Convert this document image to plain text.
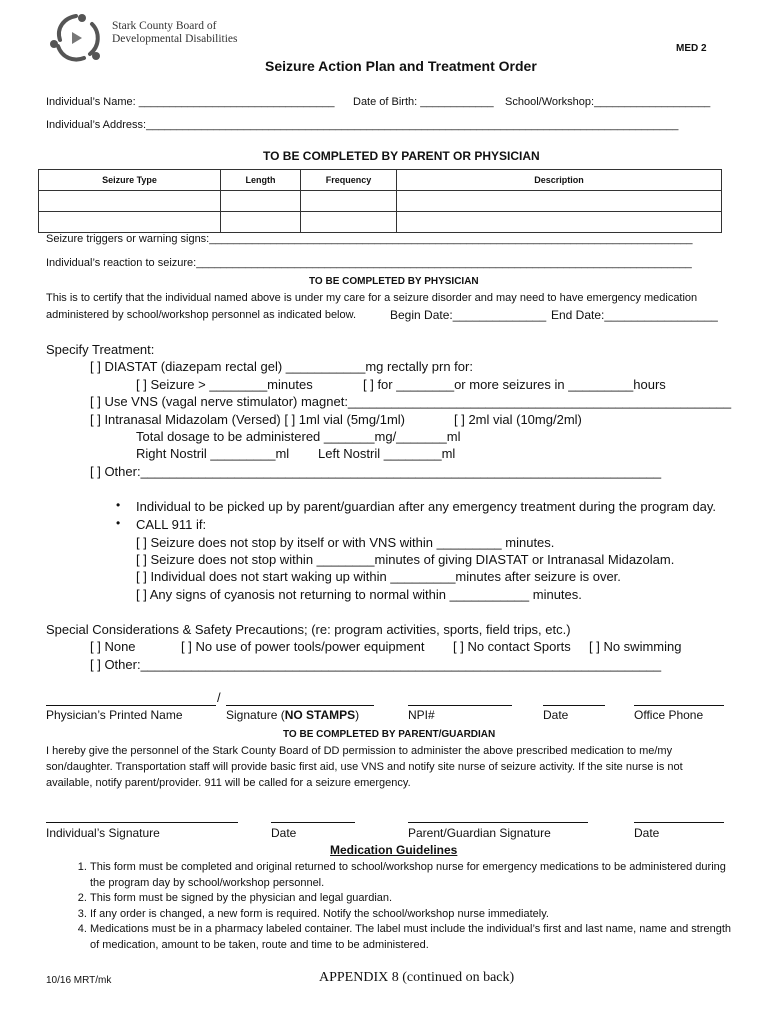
Stark County Board of
Developmental Disabilities
MED 2
Seizure Action Plan and Treatment Order
Individual’s Name: ________________________________ Date of Birth: ____________ School/Workshop:___________________
Individual’s Address:_______________________________________________________________________________________
TO BE COMPLETED BY PARENT OR PHYSICIAN
Seizure Type	Length	Frequency	Description

Seizure triggers or warning signs:_______________________________________________________________________________
Individual’s reaction to seizure:_________________________________________________________________________________
TO BE COMPLETED BY PHYSICIAN
This is to certify that the individual named above is under my care for a seizure disorder and may need to have emergency medication
administered by school/workshop personnel as indicated below.	Begin Date:______________ End Date:_________________
Specify Treatment:
[ ] DIASTAT (diazepam rectal gel) ___________mg rectally prn for:
[ ] Seizure > ________minutes	[ ] for ________or more seizures in _________hours
[ ] Use VNS (vagal nerve stimulator) magnet:_____________________________________________________
[ ] Intranasal Midazolam (Versed) [ ] 1ml vial (5mg/1ml)	[ ] 2ml vial (10mg/2ml)
Total dosage to be administered _______mg/_______ml
Right Nostril _________ml Left Nostril ________ml
[ ] Other:________________________________________________________________________
• Individual to be picked up by parent/guardian after any emergency treatment during the program day.
• CALL 911 if:
[ ] Seizure does not stop by itself or with VNS within _________ minutes.
[ ] Seizure does not stop within ________minutes of giving DIASTAT or Intranasal Midazolam.
[ ] Individual does not start waking up within _________minutes after seizure is over.
[ ] Any signs of cyanosis not returning to normal within ___________ minutes.
Special Considerations & Safety Precautions; (re: program activities, sports, field trips, etc.)
[ ] None	[ ] No use of power tools/power equipment [ ] No contact Sports [ ] No swimming
[ ] Other:________________________________________________________________________
/
Physician’s Printed Name	Signature (NO STAMPS)	NPI#	Date	Office Phone
TO BE COMPLETED BY PARENT/GUARDIAN
I hereby give the personnel of the Stark County Board of DD permission to administer the above prescribed medication to me/my
son/daughter. Transportation staff will provide basic first aid, use VNS and notify site nurse of seizure activity. If the site nurse is not
available, notify parent/provider. 911 will be called for a seizure emergency.
Individual’s Signature	Date	Parent/Guardian Signature	Date
Medication Guidelines
1. This form must be completed and original returned to school/workshop nurse for emergency medications to be administered during the program day by school/workshop personnel.
2. This form must be signed by the physician and legal guardian.
3. If any order is changed, a new form is required. Notify the school/workshop nurse immediately.
4. Medications must be in a pharmacy labeled container. The label must include the individual’s first and last name, name and strength of medication, amount to be taken, route and time to be administered.
10/16 MRT/mk	APPENDIX 8 (continued on back)
